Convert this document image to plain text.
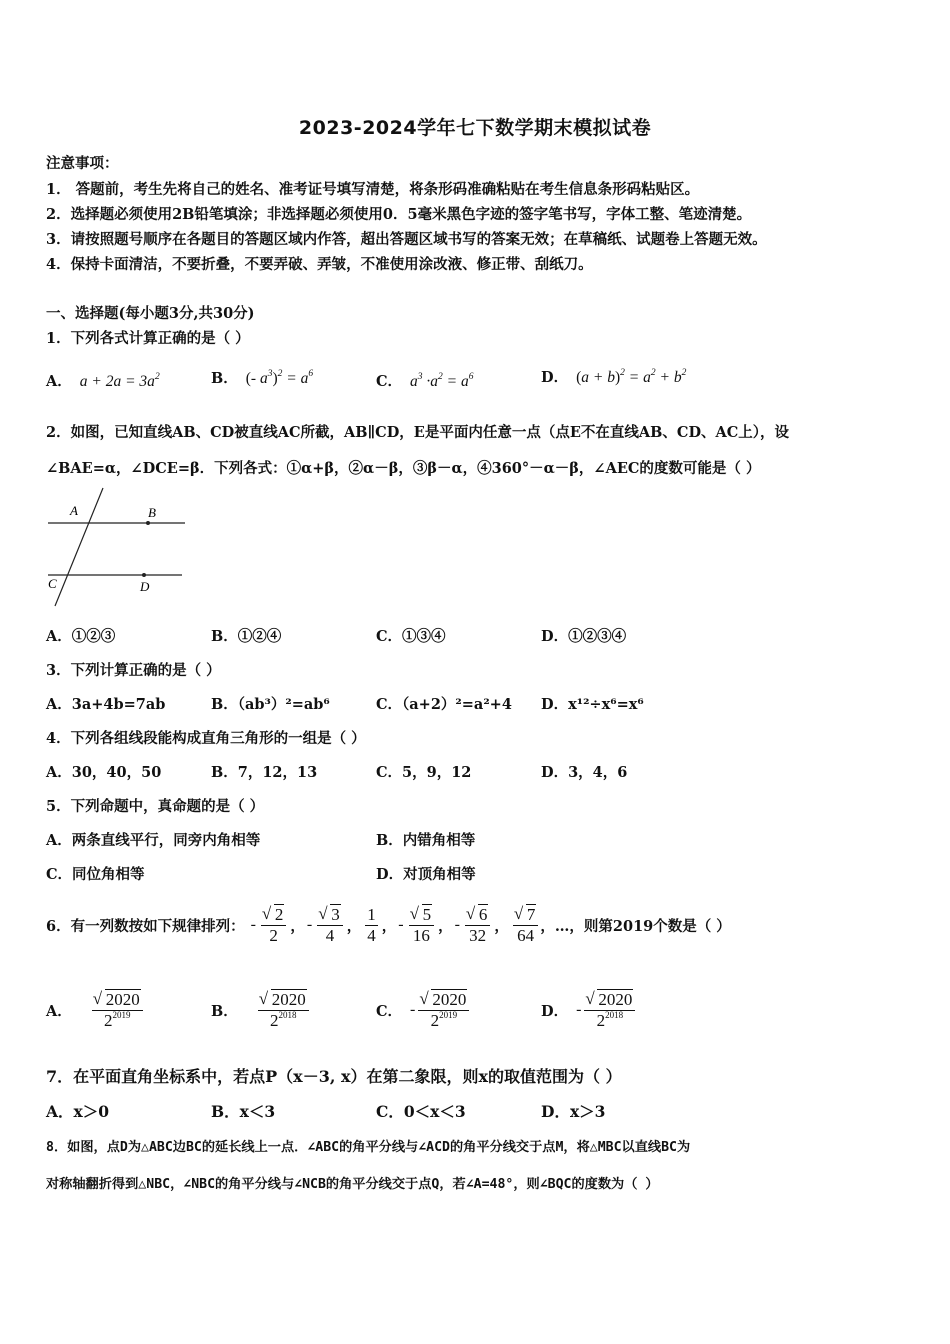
2023-2024学年七下数学期末模拟试卷
注意事项：
1． 答题前，考生先将自己的姓名、准考证号填写清楚，将条形码准确粘贴在考生信息条形码粘贴区。
2．选择题必须使用2B铅笔填涂；非选择题必须使用0．5毫米黑色字迹的签字笔书写，字体工整、笔迹清楚。
3．请按照题号顺序在各题目的答题区域内作答，超出答题区域书写的答案无效；在草稿纸、试题卷上答题无效。
4．保持卡面清洁，不要折叠，不要弄破、弄皱，不准使用涂改液、修正带、刮纸刀。
一、选择题(每小题3分,共30分)
1．下列各式计算正确的是（ ）
A． $a + 2a = 3a^2$	B． (- $a^3)^2 = a^6$	C． $a^3 \cdot a^2 = a^6$	D． $(a + b)^2 = a^2 + b^2$
2．如图，已知直线AB、CD被直线AC所截，AB∥CD，E是平面内任意一点（点E不在直线AB、CD、AC上），设
∠BAE=α，∠DCE=β．下列各式：①α+β，②α－β，③β－α，④360°－α－β，∠AEC的度数可能是（ ）
A	B
C	D
A．①②③	B．①②④	C．①③④	D．①②③④
3．下列计算正确的是（ ）
A．3a+4b=7ab	B．（ab³）²=ab⁶	C．（a+2）²=a²+4 D．x¹²÷x⁶=x⁶
4．下列各组线段能构成直角三角形的一组是（ ）
A．30，40，50	B．7，12，13	C．5，9，12	D．3，4，6
5．下列命题中，真命题的是（ ）
A．两条直线平行，同旁内角相等	B．内错角相等
C．同位角相等	D．对顶角相等
6．有一列数按如下规律排列： - √ $\frac{2}{2}$ ， - √ $\frac{3}{4}$ ， $\frac{1}{4}$ ， - √ $\frac{5}{16}$ ， - √ $\frac{6}{32}$ ， √ $\frac{7}{64}$ ，…，则第2019个数是（ ）
A． √ $\frac{2020}{2^{2019}}$	B． √ $\frac{2020}{2^{2018}}$	C． - √ $\frac{2020}{2^{2019}}$	D． - √ $\frac{2020}{2^{2018}}$
7．在平面直角坐标系中，若点P（x－3, x）在第二象限，则x的取值范围为（ ）
A．x＞0	B．x＜3	C．0＜x＜3	D．x＞3
8．如图，点D为△ABC边BC的延长线上一点．∠ABC的角平分线与∠ACD的角平分线交于点M，将△MBC以直线BC为
对称轴翻折得到△NBC，∠NBC的角平分线与∠NCB的角平分线交于点Q，若∠A=48°，则∠BQC的度数为（ ）
